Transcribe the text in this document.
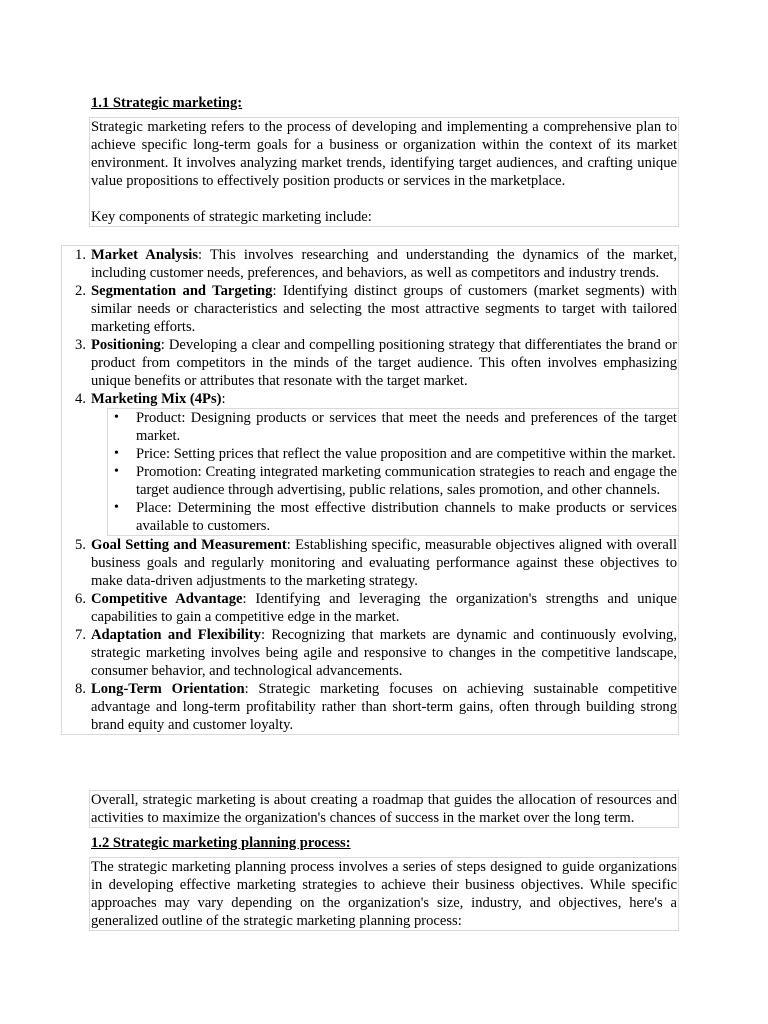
1.1 Strategic marketing:

Strategic marketing refers to the process of developing and implementing a comprehensive plan to achieve specific long-term goals for a business or organization within the context of its market environment. It involves analyzing market trends, identifying target audiences, and crafting unique value propositions to effectively position products or services in the marketplace.

Key components of strategic marketing include:

1. Market Analysis: This involves researching and understanding the dynamics of the market, including customer needs, preferences, and behaviors, as well as competitors and industry trends.
2. Segmentation and Targeting: Identifying distinct groups of customers (market segments) with similar needs or characteristics and selecting the most attractive segments to target with tailored marketing efforts.
3. Positioning: Developing a clear and compelling positioning strategy that differentiates the brand or product from competitors in the minds of the target audience. This often involves emphasizing unique benefits or attributes that resonate with the target market.
4. Marketing Mix (4Ps):
• Product: Designing products or services that meet the needs and preferences of the target market.
• Price: Setting prices that reflect the value proposition and are competitive within the market.
• Promotion: Creating integrated marketing communication strategies to reach and engage the target audience through advertising, public relations, sales promotion, and other channels.
• Place: Determining the most effective distribution channels to make products or services available to customers.
5. Goal Setting and Measurement: Establishing specific, measurable objectives aligned with overall business goals and regularly monitoring and evaluating performance against these objectives to make data-driven adjustments to the marketing strategy.
6. Competitive Advantage: Identifying and leveraging the organization's strengths and unique capabilities to gain a competitive edge in the market.
7. Adaptation and Flexibility: Recognizing that markets are dynamic and continuously evolving, strategic marketing involves being agile and responsive to changes in the competitive landscape, consumer behavior, and technological advancements.
8. Long-Term Orientation: Strategic marketing focuses on achieving sustainable competitive advantage and long-term profitability rather than short-term gains, often through building strong brand equity and customer loyalty.

Overall, strategic marketing is about creating a roadmap that guides the allocation of resources and activities to maximize the organization's chances of success in the market over the long term.

1.2 Strategic marketing planning process:

The strategic marketing planning process involves a series of steps designed to guide organizations in developing effective marketing strategies to achieve their business objectives. While specific approaches may vary depending on the organization's size, industry, and objectives, here's a generalized outline of the strategic marketing planning process:
